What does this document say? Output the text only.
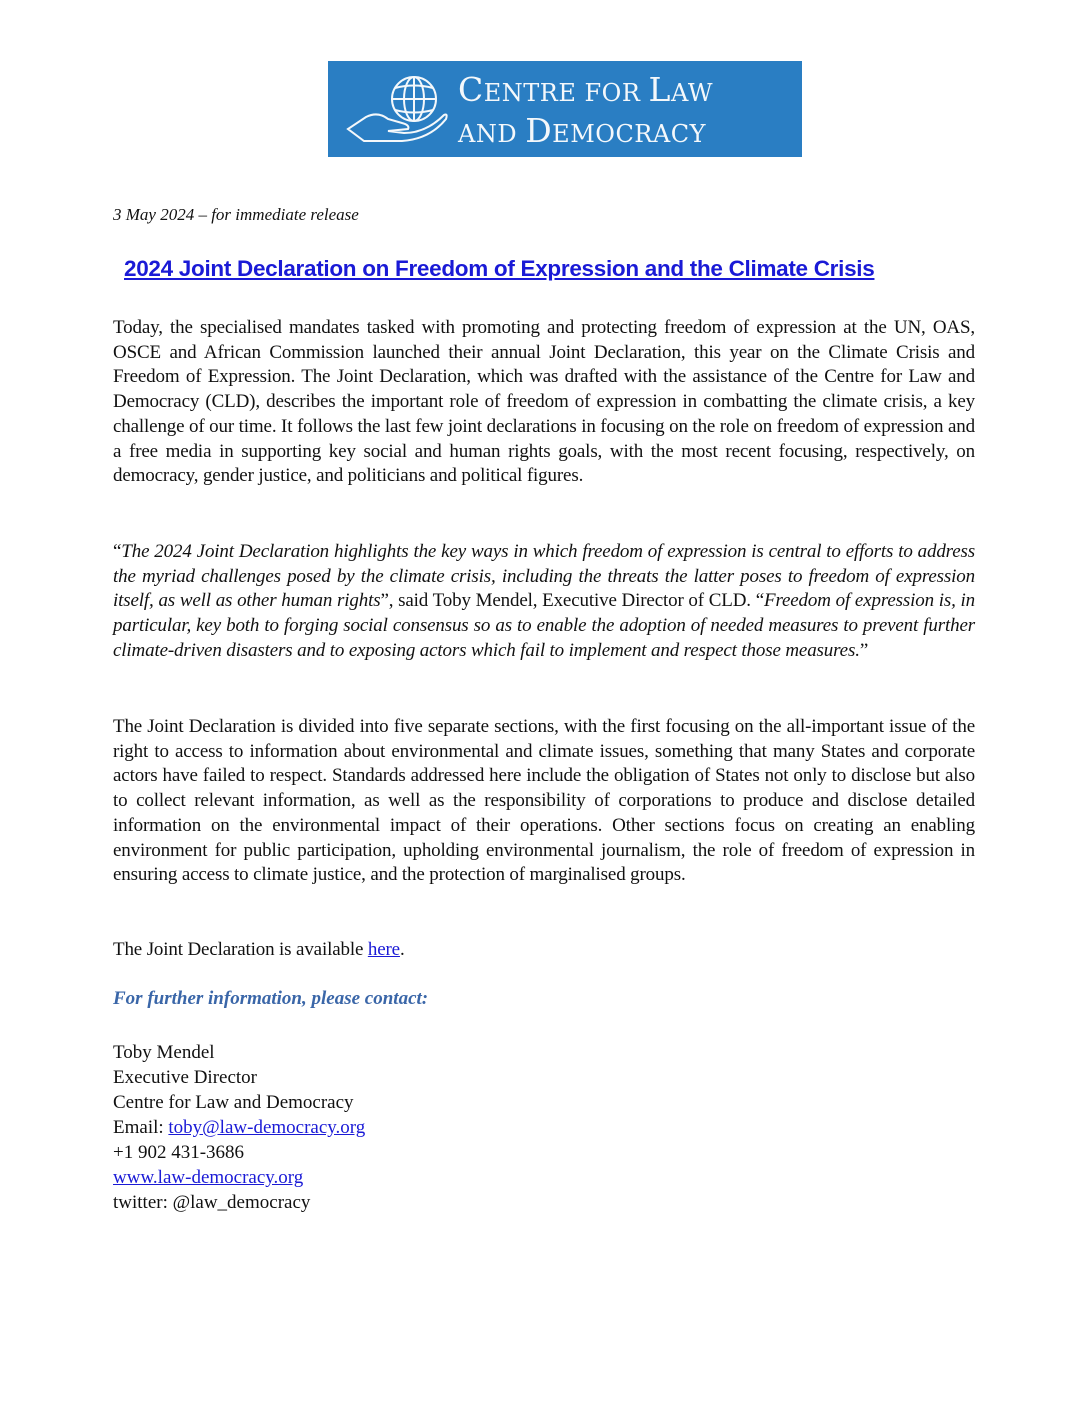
CENTRE FOR LAW
AND DEMOCRACY
3 May 2024 – for immediate release
2024 Joint Declaration on Freedom of Expression and the Climate Crisis
Today, the specialised mandates tasked with promoting and protecting freedom of expression at the UN, OAS, OSCE and African Commission launched their annual Joint Declaration, this year on the Climate Crisis and Freedom of Expression. The Joint Declaration, which was drafted with the assistance of the Centre for Law and Democracy (CLD), describes the important role of freedom of expression in combatting the climate crisis, a key challenge of our time. It follows the last few joint declarations in focusing on the role on freedom of expression and a free media in supporting key social and human rights goals, with the most recent focusing, respectively, on democracy, gender justice, and politicians and political figures.
“The 2024 Joint Declaration highlights the key ways in which freedom of expression is central to efforts to address the myriad challenges posed by the climate crisis, including the threats the latter poses to freedom of expression itself, as well as other human rights”, said Toby Mendel, Executive Director of CLD. “Freedom of expression is, in particular, key both to forging social consensus so as to enable the adoption of needed measures to prevent further climate-driven disasters and to exposing actors which fail to implement and respect those measures.”
The Joint Declaration is divided into five separate sections, with the first focusing on the all-important issue of the right to access to information about environmental and climate issues, something that many States and corporate actors have failed to respect. Standards addressed here include the obligation of States not only to disclose but also to collect relevant information, as well as the responsibility of corporations to produce and disclose detailed information on the environmental impact of their operations. Other sections focus on creating an enabling environment for public participation, upholding environmental journalism, the role of freedom of expression in ensuring access to climate justice, and the protection of marginalised groups.
The Joint Declaration is available here.
For further information, please contact:
Toby Mendel
Executive Director
Centre for Law and Democracy
Email: toby@law-democracy.org
+1 902 431-3686
www.law-democracy.org
twitter: @law_democracy
